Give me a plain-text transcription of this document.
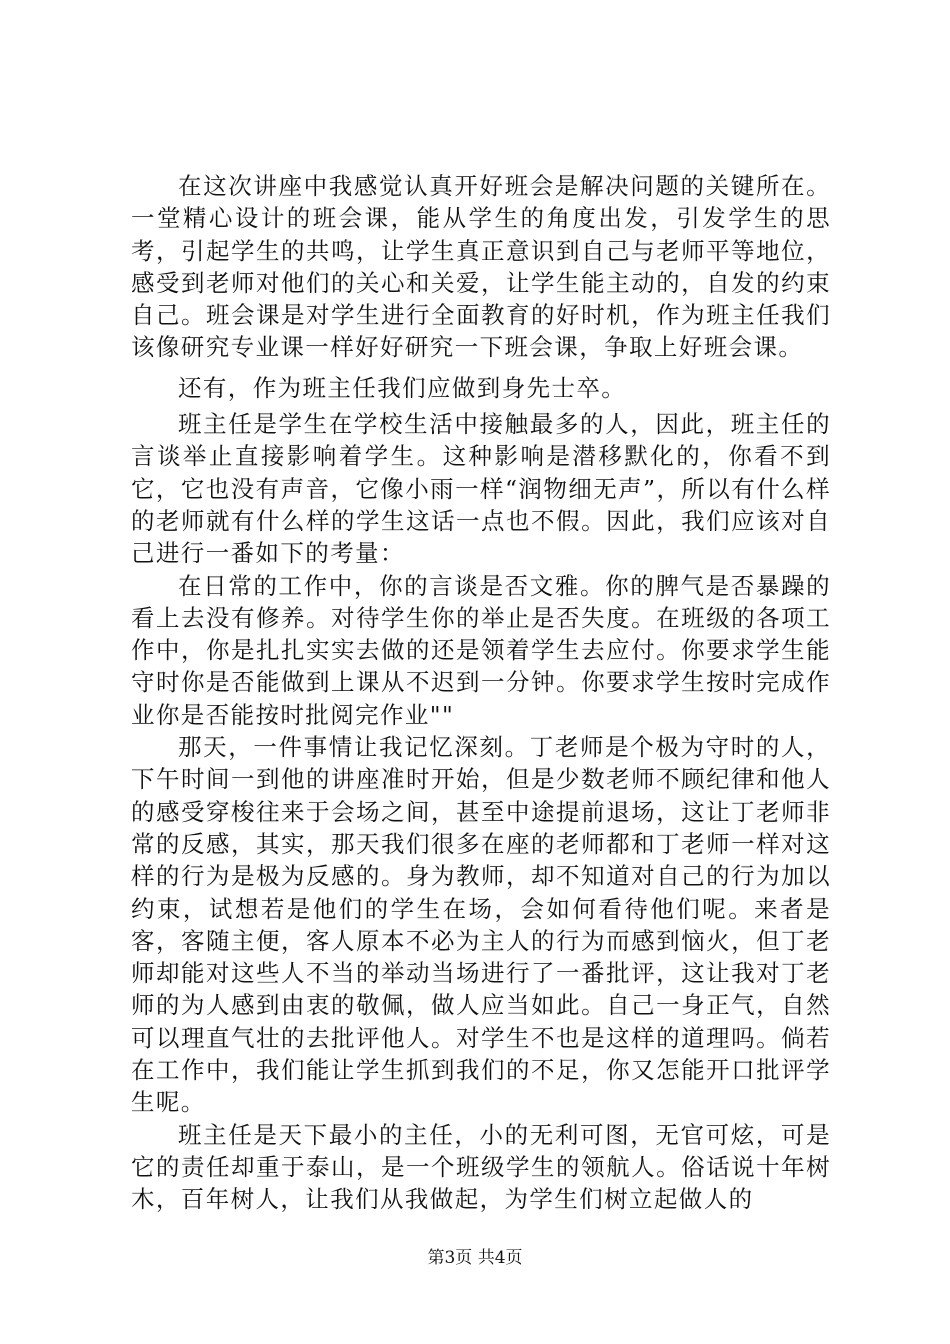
在这次讲座中我感觉认真开好班会是解决问题的关键所在。一堂精心设计的班会课，能从学生的角度出发，引发学生的思考，引起学生的共鸣，让学生真正意识到自己与老师平等地位，感受到老师对他们的关心和关爱，让学生能主动的，自发的约束自己。班会课是对学生进行全面教育的好时机，作为班主任我们该像研究专业课一样好好研究一下班会课，争取上好班会课。

还有，作为班主任我们应做到身先士卒。

班主任是学生在学校生活中接触最多的人，因此，班主任的言谈举止直接影响着学生。这种影响是潜移默化的，你看不到它，它也没有声音，它像小雨一样“润物细无声”，所以有什么样的老师就有什么样的学生这话一点也不假。因此，我们应该对自己进行一番如下的考量：

在日常的工作中，你的言谈是否文雅。你的脾气是否暴躁的看上去没有修养。对待学生你的举止是否失度。在班级的各项工作中，你是扎扎实实去做的还是领着学生去应付。你要求学生能守时你是否能做到上课从不迟到一分钟。你要求学生按时完成作业你是否能按时批阅完作业""

那天，一件事情让我记忆深刻。丁老师是个极为守时的人，下午时间一到他的讲座准时开始，但是少数老师不顾纪律和他人的感受穿梭往来于会场之间，甚至中途提前退场，这让丁老师非常的反感，其实，那天我们很多在座的老师都和丁老师一样对这样的行为是极为反感的。身为教师，却不知道对自己的行为加以约束，试想若是他们的学生在场，会如何看待他们呢。来者是客，客随主便，客人原本不必为主人的行为而感到恼火，但丁老师却能对这些人不当的举动当场进行了一番批评，这让我对丁老师的为人感到由衷的敬佩，做人应当如此。自己一身正气，自然可以理直气壮的去批评他人。对学生不也是这样的道理吗。倘若在工作中，我们能让学生抓到我们的不足，你又怎能开口批评学生呢。

班主任是天下最小的主任，小的无利可图，无官可炫，可是它的责任却重于泰山，是一个班级学生的领航人。俗话说十年树木，百年树人，让我们从我做起，为学生们树立起做人的

第3页 共4页
